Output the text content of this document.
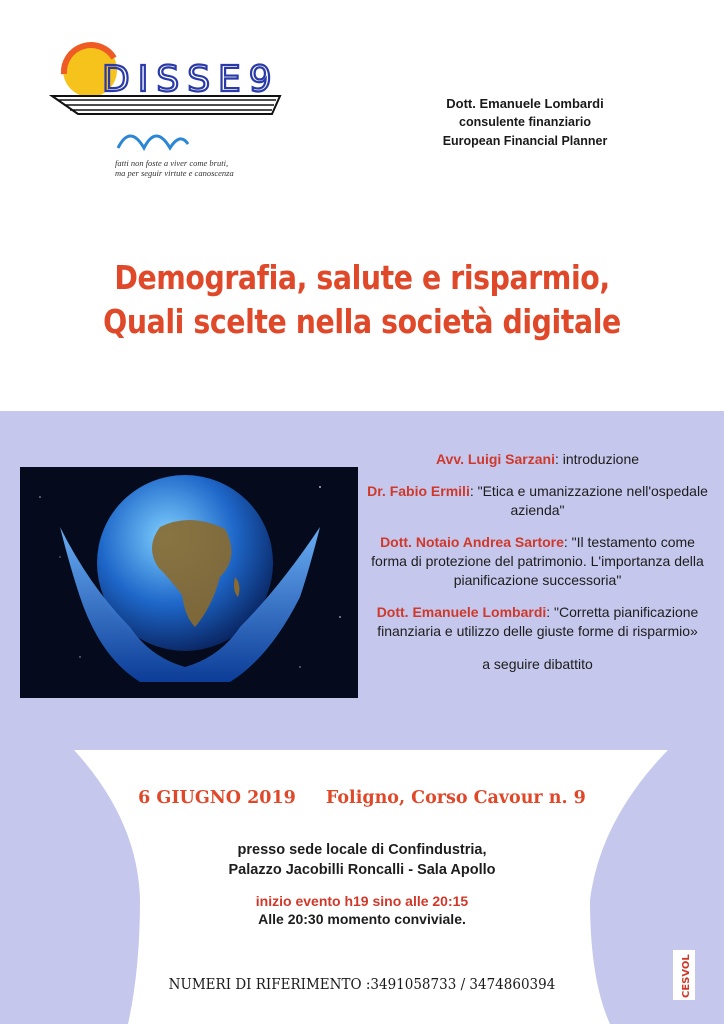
DISSE9
fatti non foste a viver come bruti,
ma per seguir virtute e canoscenza
Dott. Emanuele Lombardi
consulente finanziario
European Financial Planner
Demografia, salute e risparmio,
Quali scelte nella società digitale
Avv. Luigi Sarzani: introduzione
Dr. Fabio Ermili: "Etica e umanizzazione nell'ospedale azienda"
Dott. Notaio Andrea Sartore: "Il testamento come forma di protezione del patrimonio. L'importanza della pianificazione successoria"
Dott. Emanuele Lombardi: "Corretta pianificazione finanziaria e utilizzo delle giuste forme di risparmio»
a seguire dibattito
6 GIUGNO 2019 Foligno, Corso Cavour n. 9
presso sede locale di Confindustria,
Palazzo Jacobilli Roncalli - Sala Apollo
inizio evento h19 sino alle 20:15
Alle 20:30 momento conviviale.
NUMERI DI RIFERIMENTO :3491058733 / 3474860394	CESVOL
